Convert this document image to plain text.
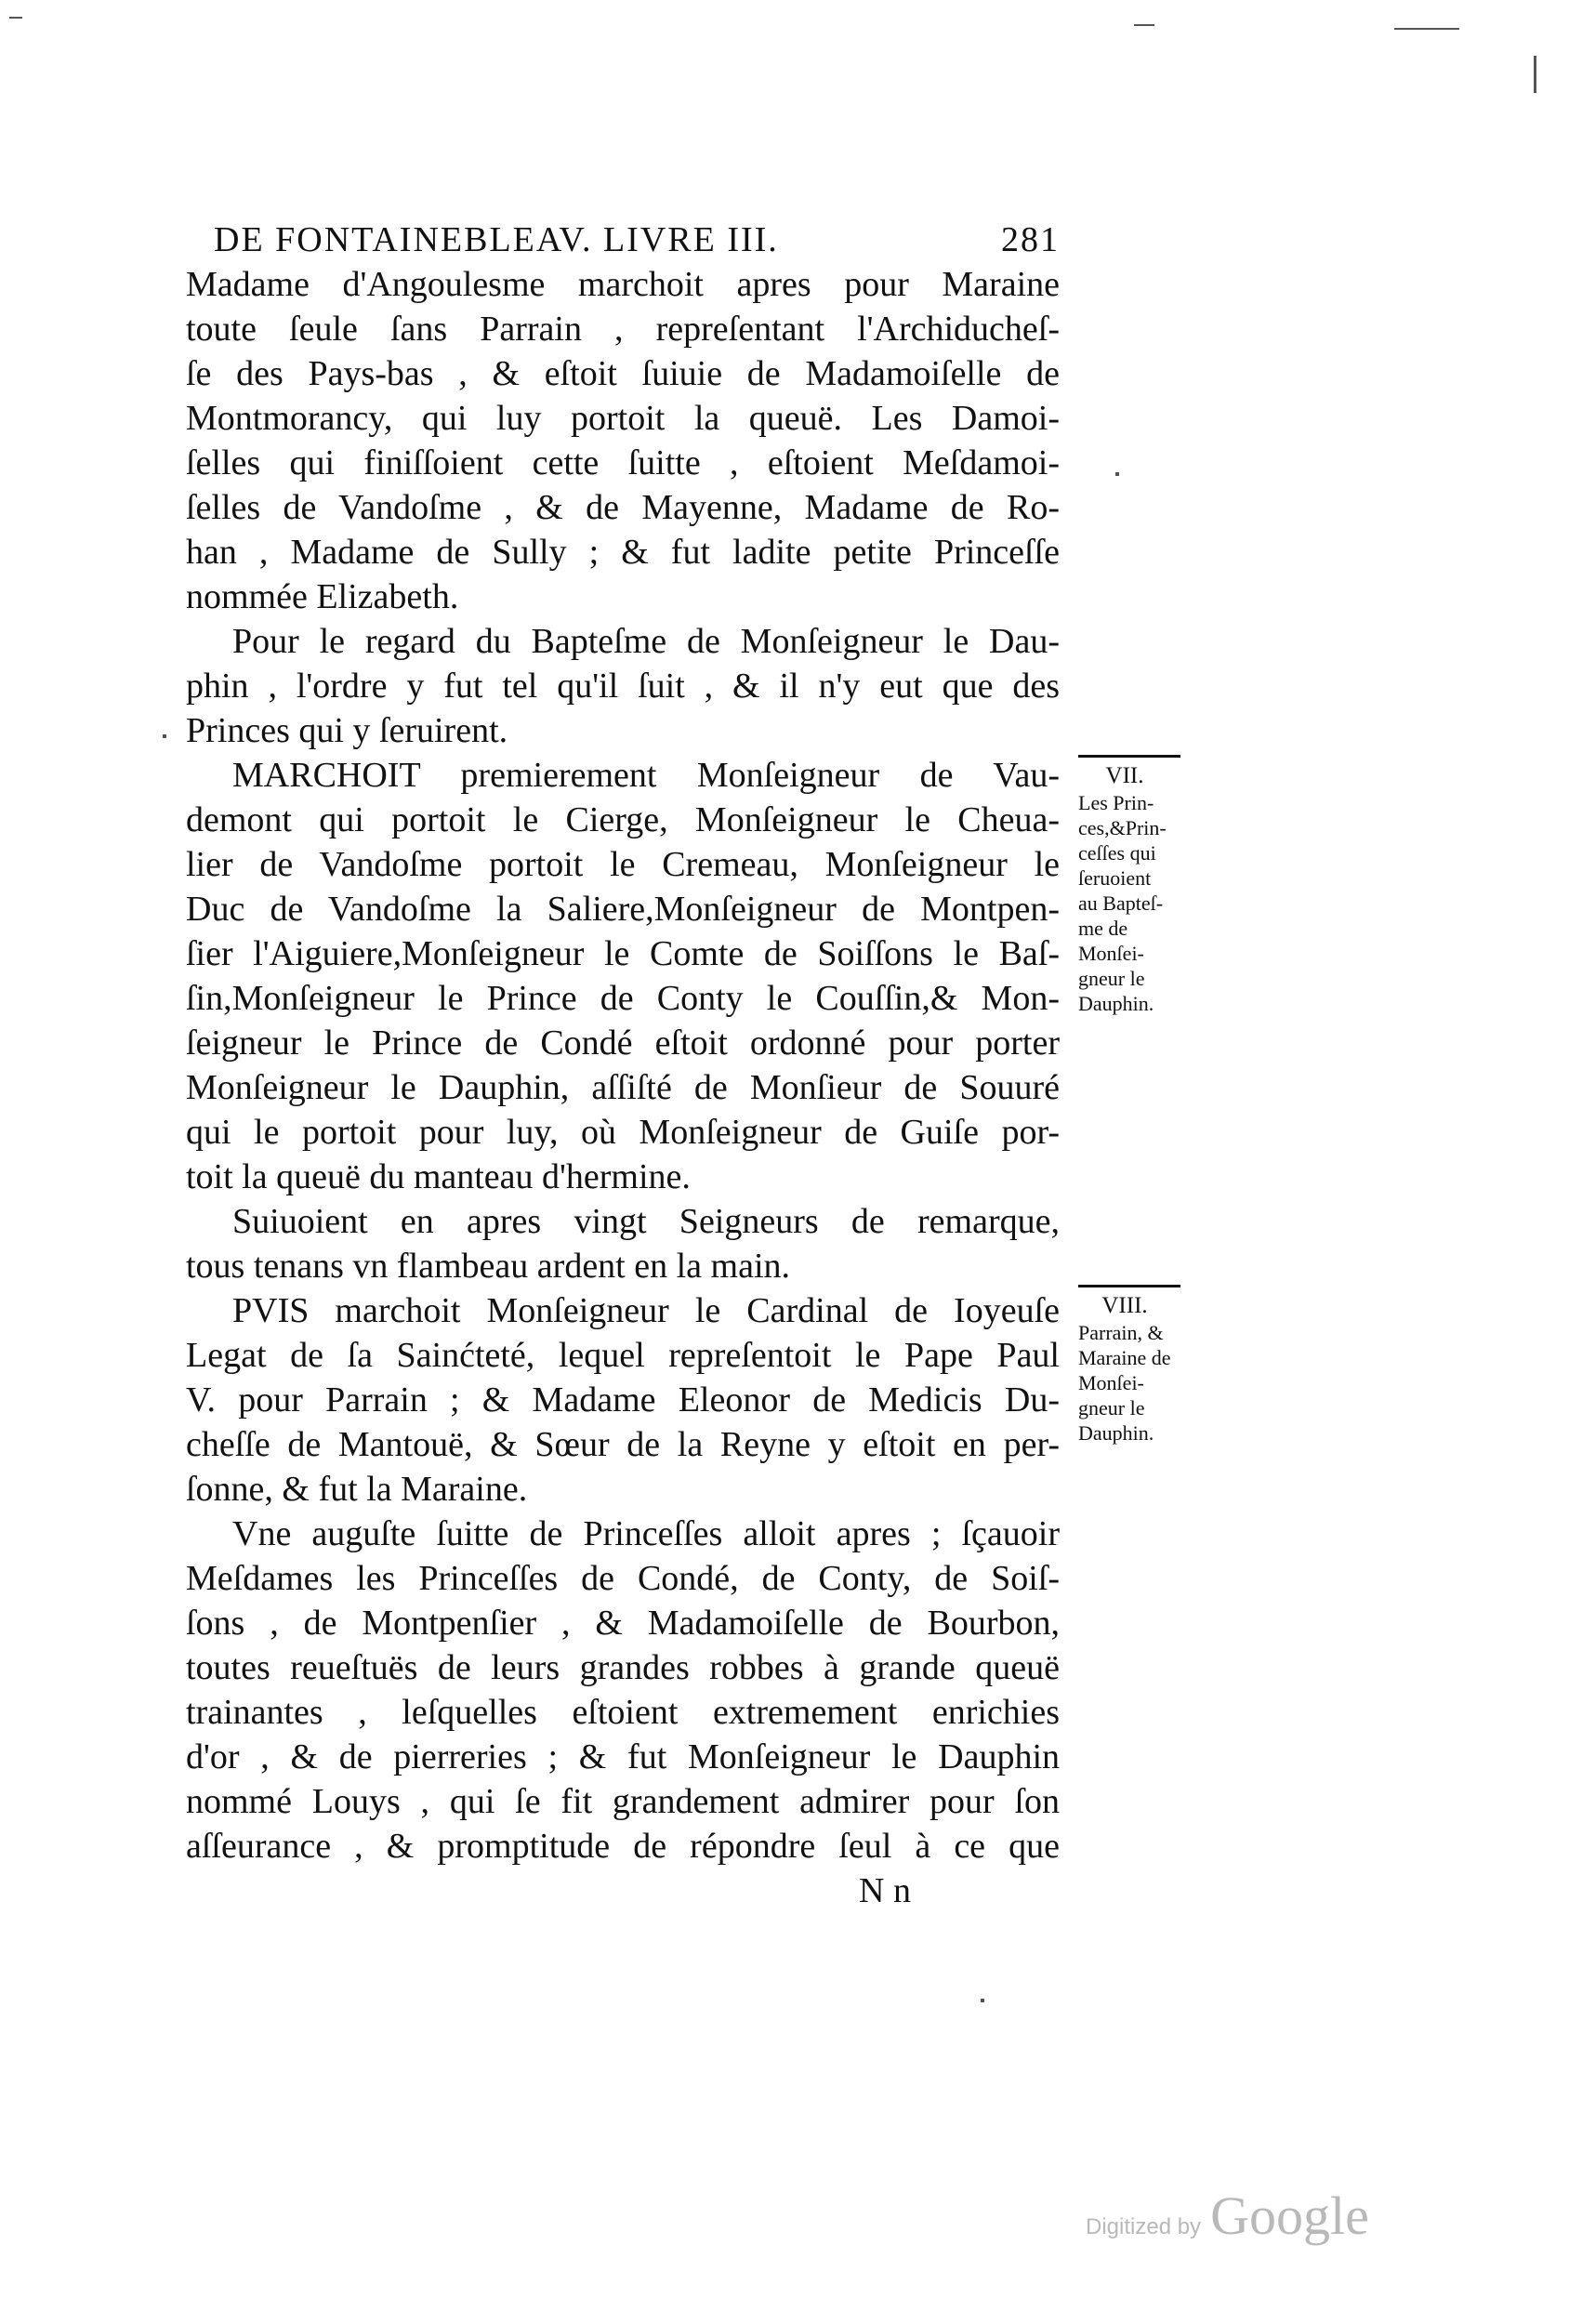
DE FONTAINEBLEAV. LIVRE III.	281
Madame d'Angoulesme marchoit apres pour Maraine
toute ſeule ſans Parrain , repreſentant l'Archiducheſ-
ſe des Pays-bas , & eſtoit ſuiuie de Madamoiſelle de
Montmorancy, qui luy portoit la queuë. Les Damoi-
ſelles qui finiſſoient cette ſuitte , eſtoient Meſdamoi-
ſelles de Vandoſme , & de Mayenne, Madame de Ro-
han , Madame de Sully ; & fut ladite petite Princeſſe
nommée Elizabeth.
Pour le regard du Bapteſme de Monſeigneur le Dau-
phin , l'ordre y fut tel qu'il ſuit , & il n'y eut que des
Princes qui y ſeruirent.
MARCHOIT premierement Monſeigneur de Vau-
demont qui portoit le Cierge, Monſeigneur le Cheua-
lier de Vandoſme portoit le Cremeau, Monſeigneur le
Duc de Vandoſme la Saliere,Monſeigneur de Montpen-
ſier l'Aiguiere,Monſeigneur le Comte de Soiſſons le Baſ-
ſin,Monſeigneur le Prince de Conty le Couſſin,& Mon-
ſeigneur le Prince de Condé eſtoit ordonné pour porter
Monſeigneur le Dauphin, aſſiſté de Monſieur de Souuré
qui le portoit pour luy, où Monſeigneur de Guiſe por-
toit la queuë du manteau d'hermine.
Suiuoient en apres vingt Seigneurs de remarque,
tous tenans vn flambeau ardent en la main.
PVIS marchoit Monſeigneur le Cardinal de Ioyeuſe
Legat de ſa Sainćteté, lequel repreſentoit le Pape Paul
V. pour Parrain ; & Madame Eleonor de Medicis Du-
cheſſe de Mantouë, & Sœur de la Reyne y eſtoit en per-
ſonne, & fut la Maraine.
Vne auguſte ſuitte de Princeſſes alloit apres ; ſçauoir
Meſdames les Princeſſes de Condé, de Conty, de Soiſ-
ſons , de Montpenſier , & Madamoiſelle de Bourbon,
toutes reueſtuës de leurs grandes robbes à grande queuë
trainantes , leſquelles eſtoient extremement enrichies
d'or , & de pierreries ; & fut Monſeigneur le Dauphin
nommé Louys , qui ſe fit grandement admirer pour ſon
aſſeurance , & promptitude de répondre ſeul à ce que
N n
VII.
Les Prin-
ces,&Prin-
ceſſes qui
ſeruoient
au Bapteſ-
me de
Monſei-
gneur le
Dauphin.
VIII.
Parrain, &
Maraine de
Monſei-
gneur le
Dauphin.
Digitized by Google
